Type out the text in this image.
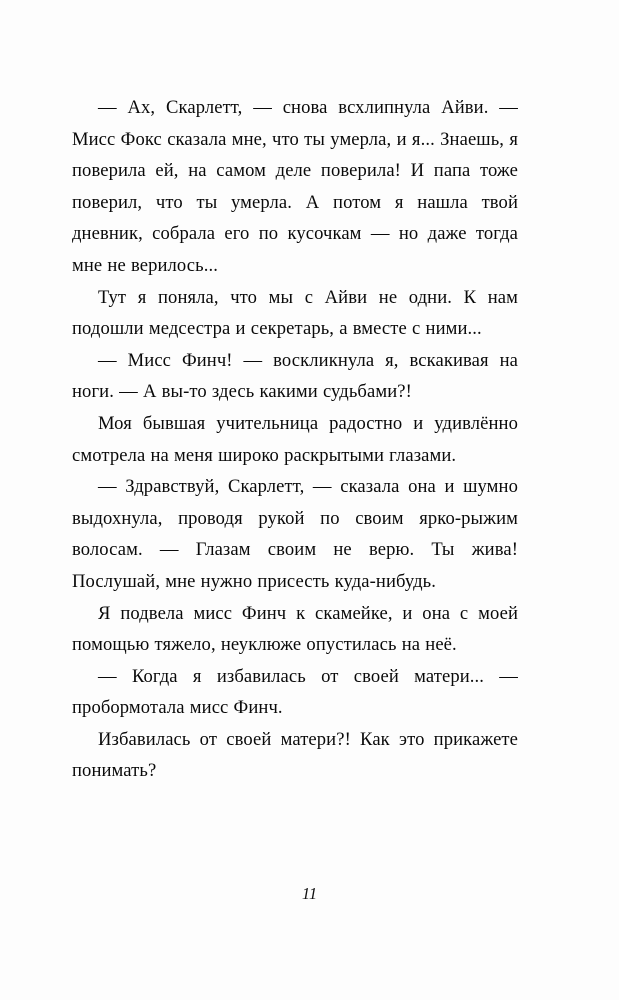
— Ах, Скарлетт, — снова всхлипнула Айви. — Мисс Фокс сказала мне, что ты умерла, и я... Знаешь, я поверила ей, на самом деле поверила! И папа тоже поверил, что ты умерла. А потом я нашла твой дневник, собрала его по кусочкам — но даже тогда мне не верилось...

Тут я поняла, что мы с Айви не одни. К нам подошли медсестра и секретарь, а вместе с ними...

— Мисс Финч! — воскликнула я, вскакивая на ноги. — А вы-то здесь какими судьбами?!

Моя бывшая учительница радостно и удивлённо смотрела на меня широко раскрытыми глазами.

— Здравствуй, Скарлетт, — сказала она и шумно выдохнула, проводя рукой по своим ярко-рыжим волосам. — Глазам своим не верю. Ты жива! Послушай, мне нужно присесть куда-нибудь.

Я подвела мисс Финч к скамейке, и она с моей помощью тяжело, неуклюже опустилась на неё.

— Когда я избавилась от своей матери... — пробормотала мисс Финч.

Избавилась от своей матери?! Как это прикажете понимать?

11
